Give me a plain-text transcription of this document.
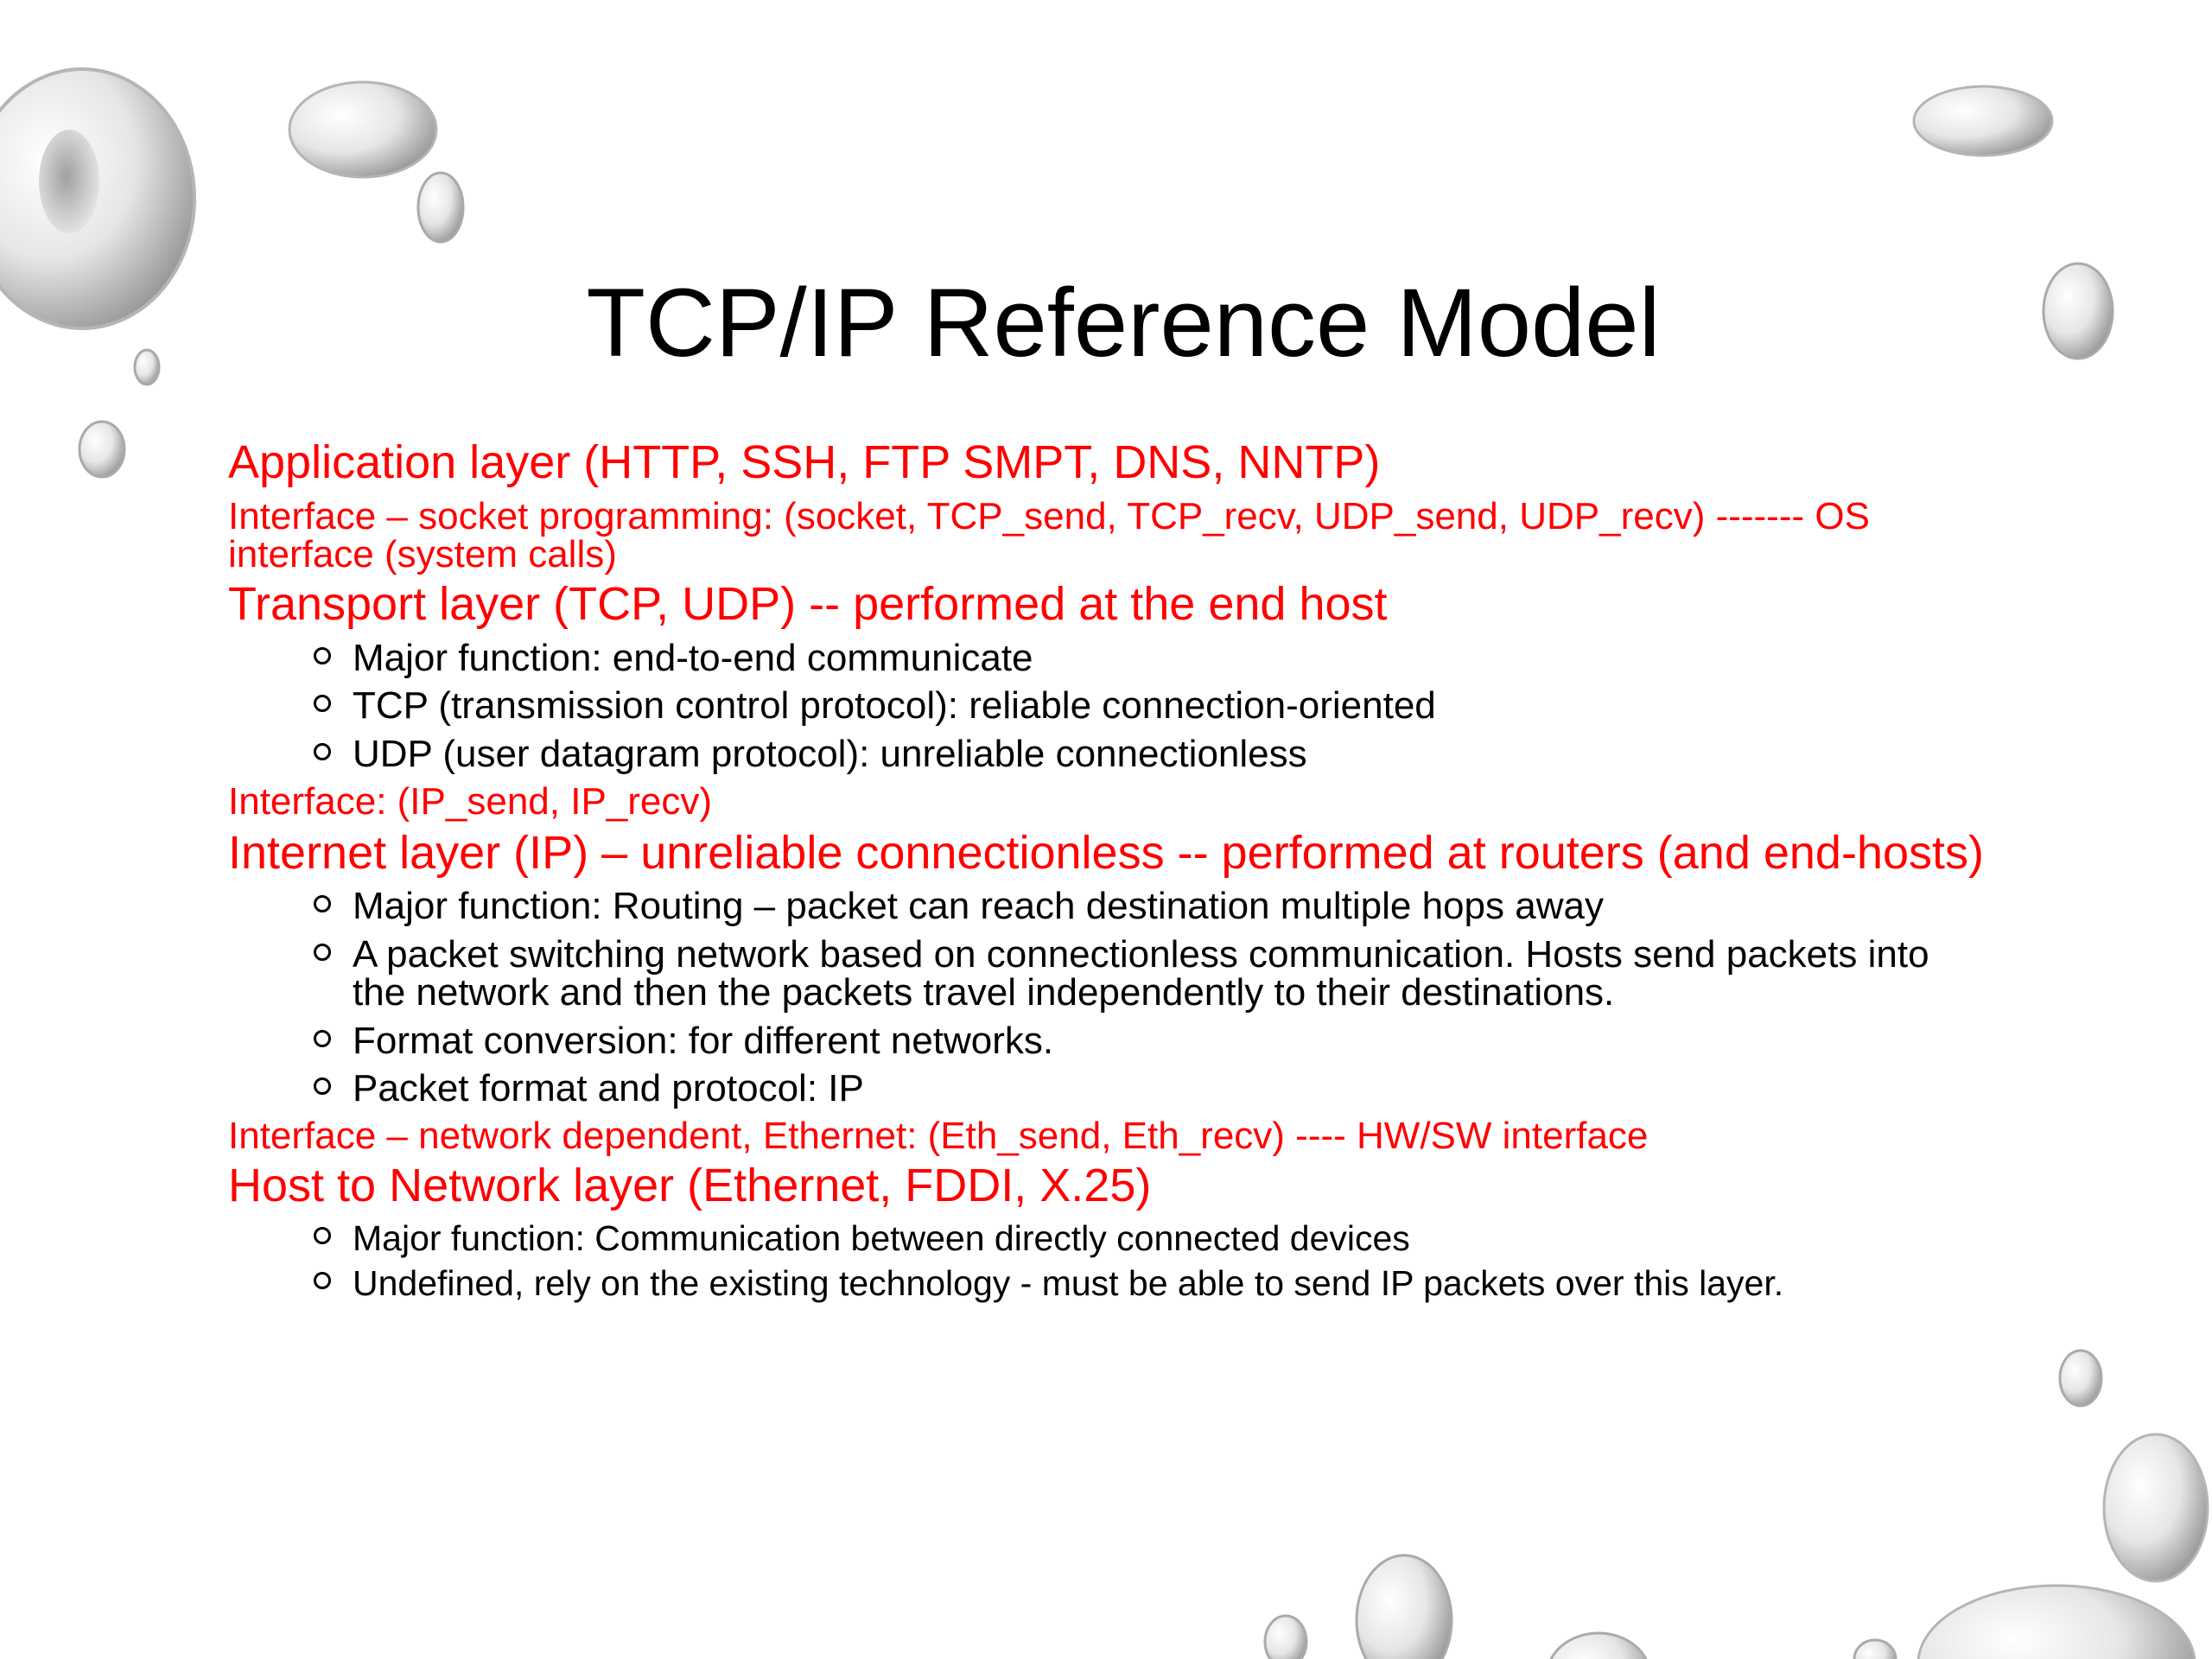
TCP/IP Reference Model
Application layer (HTTP, SSH, FTP SMPT, DNS, NNTP)
Interface – socket programming: (socket, TCP_send, TCP_recv, UDP_send, UDP_recv) ------- OS
interface (system calls)
Transport layer (TCP, UDP) -- performed at the end host
Major function: end-to-end communicate
TCP (transmission control protocol): reliable connection-oriented
UDP (user datagram protocol): unreliable connectionless
Interface: (IP_send, IP_recv)
Internet layer (IP) – unreliable connectionless -- performed at routers (and end-hosts)
Major function: Routing – packet can reach destination multiple hops away
A packet switching network based on connectionless communication. Hosts send packets into
the network and then the packets travel independently to their destinations.
Format conversion: for different networks.
Packet format and protocol: IP
Interface – network dependent, Ethernet: (Eth_send, Eth_recv) ---- HW/SW interface
Host to Network layer (Ethernet, FDDI, X.25)
Major function: Communication between directly connected devices
Undefined, rely on the existing technology - must be able to send IP packets over this layer.
